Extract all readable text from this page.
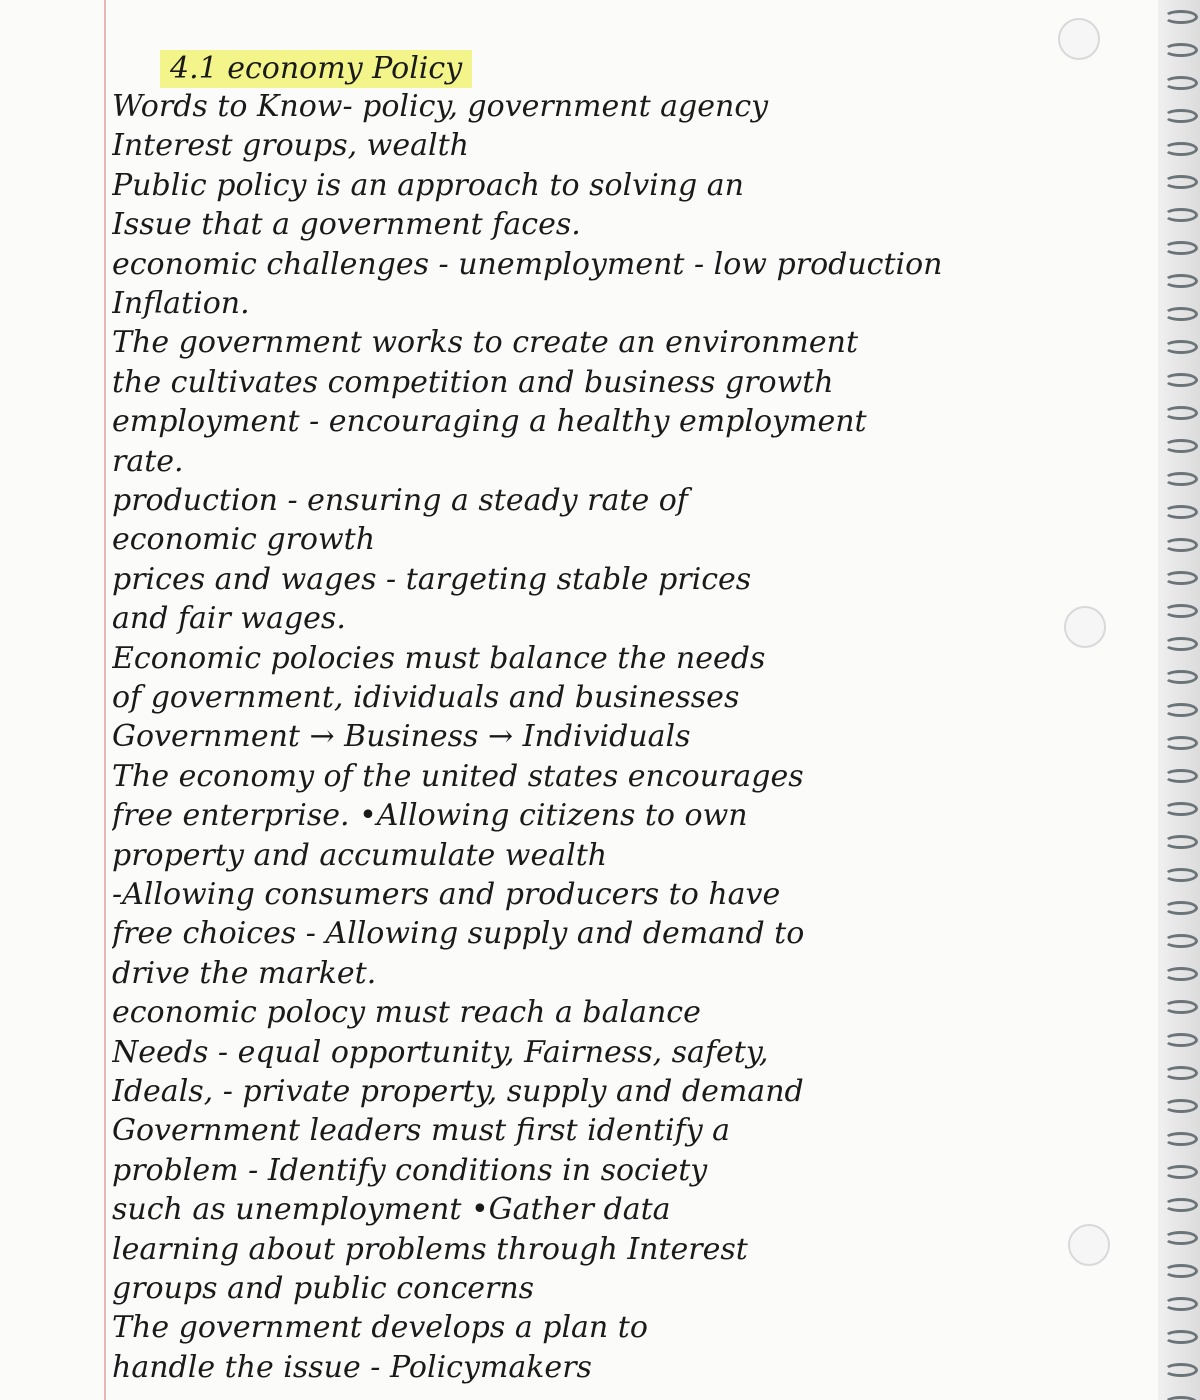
4.1 economy Policy
Words to Know- policy, government agency
Interest groups, wealth
Public policy is an approach to solving an
Issue that a government faces.
economic challenges - unemployment - low production
Inflation.
The government works to create an environment
the cultivates competition and business growth
employment - encouraging a healthy employment
rate.
production - ensuring a steady rate of
economic growth
prices and wages - targeting stable prices
and fair wages.
Economic polocies must balance the needs
of government, idividuals and businesses
Government → Business → Individuals
The economy of the united states encourages
free enterprise. •Allowing citizens to own
property and accumulate wealth
-Allowing consumers and producers to have
free choices - Allowing supply and demand to
drive the market.
economic polocy must reach a balance
Needs - equal opportunity, Fairness, safety,
Ideals, - private property, supply and demand
Government leaders must first identify a
problem - Identify conditions in society
such as unemployment •Gather data
learning about problems through Interest
groups and public concerns
The government develops a plan to
handle the issue - Policymakers
